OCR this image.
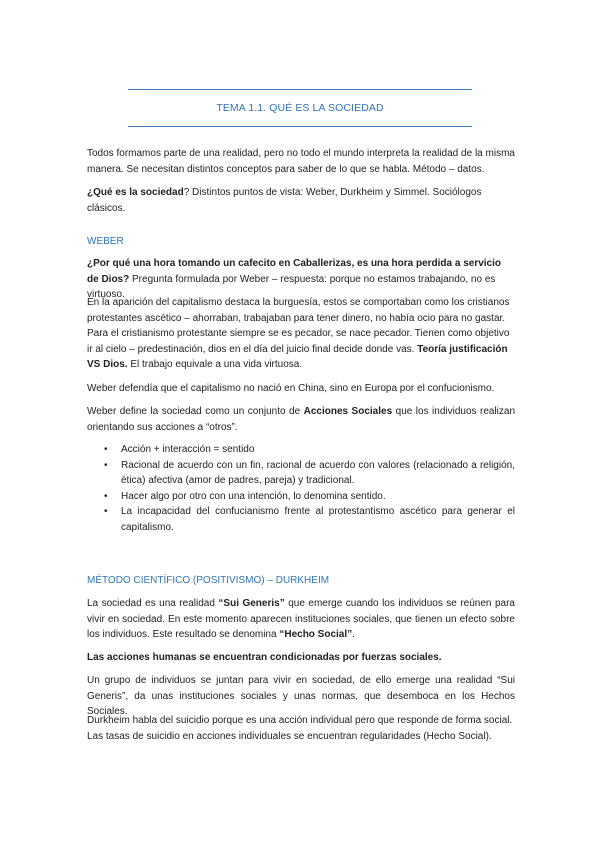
TEMA 1.1. QUÉ ES LA SOCIEDAD

Todos formamos parte de una realidad, pero no todo el mundo interpreta la realidad de la misma manera. Se necesitan distintos conceptos para saber de lo que se habla. Método – datos.

¿Qué es la sociedad? Distintos puntos de vista: Weber, Durkheim y Simmel. Sociólogos clásicos.

WEBER

¿Por qué una hora tomando un cafecito en Caballerizas, es una hora perdida a servicio de Dios? Pregunta formulada por Weber – respuesta: porque no estamos trabajando, no es virtuoso.

En la aparición del capitalismo destaca la burguesía, estos se comportaban como los cristianos protestantes ascético – ahorraban, trabajaban para tener dinero, no había ocio para no gastar. Para el cristianismo protestante siempre se es pecador, se nace pecador. Tienen como objetivo ir al cielo – predestinación, dios en el día del juicio final decide donde vas. Teoría justificación VS Dios. El trabajo equivale a una vida virtuosa.

Weber defendía que el capitalismo no nació en China, sino en Europa por el confucionismo.

Weber define la sociedad como un conjunto de Acciones Sociales que los individuos realizan orientando sus acciones a “otros”.

• Acción + interacción = sentido
• Racional de acuerdo con un fin, racional de acuerdo con valores (relacionado a religión, ética) afectiva (amor de padres, pareja) y tradicional.
• Hacer algo por otro con una intención, lo denomina sentido.
• La incapacidad del confucianismo frente al protestantismo ascético para generar el capitalismo.
MÉTODO CIENTÍFICO (POSITIVISMO) – DURKHEIM

La sociedad es una realidad “Sui Generis” que emerge cuando los individuos se reúnen para vivir en sociedad. En este momento aparecen instituciones sociales, que tienen un efecto sobre los individuos. Este resultado se denomina “Hecho Social”.

Las acciones humanas se encuentran condicionadas por fuerzas sociales.

Un grupo de individuos se juntan para vivir en sociedad, de ello emerge una realidad “Sui Generis”, da unas instituciones sociales y unas normas, que desemboca en los Hechos Sociales.

Durkheim habla del suicidio porque es una acción individual pero que responde de forma social. Las tasas de suicidio en acciones individuales se encuentran regularidades (Hecho Social).
